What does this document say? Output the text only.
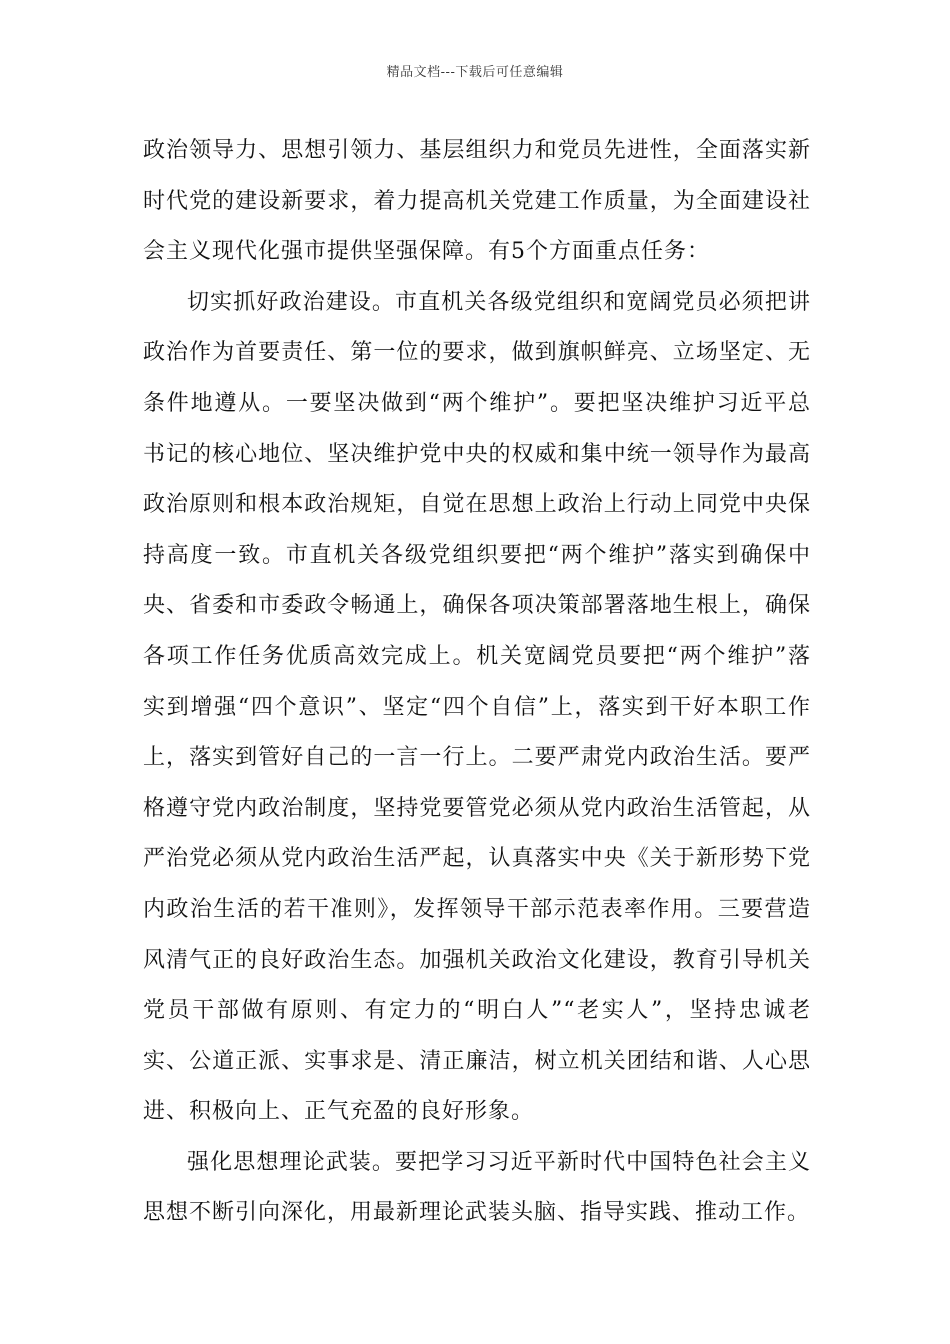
精品文档---下载后可任意编辑

政治领导力、思想引领力、基层组织力和党员先进性，全面落实新时代党的建设新要求，着力提高机关党建工作质量，为全面建设社会主义现代化强市提供坚强保障。有5个方面重点任务：

切实抓好政治建设。市直机关各级党组织和宽阔党员必须把讲政治作为首要责任、第一位的要求，做到旗帜鲜亮、立场坚定、无条件地遵从。一要坚决做到“两个维护”。要把坚决维护习近平总书记的核心地位、坚决维护党中央的权威和集中统一领导作为最高政治原则和根本政治规矩，自觉在思想上政治上行动上同党中央保持高度一致。市直机关各级党组织要把“两个维护”落实到确保中央、省委和市委政令畅通上，确保各项决策部署落地生根上，确保各项工作任务优质高效完成上。机关宽阔党员要把“两个维护”落实到增强“四个意识”、坚定“四个自信”上，落实到干好本职工作上，落实到管好自己的一言一行上。二要严肃党内政治生活。要严格遵守党内政治制度，坚持党要管党必须从党内政治生活管起，从严治党必须从党内政治生活严起，认真落实中央《关于新形势下党内政治生活的若干准则》，发挥领导干部示范表率作用。三要营造风清气正的良好政治生态。加强机关政治文化建设，教育引导机关党员干部做有原则、有定力的“明白人”“老实人”，坚持忠诚老实、公道正派、实事求是、清正廉洁，树立机关团结和谐、人心思进、积极向上、正气充盈的良好形象。

强化思想理论武装。要把学习习近平新时代中国特色社会主义思想不断引向深化，用最新理论武装头脑、指导实践、推动工作。
